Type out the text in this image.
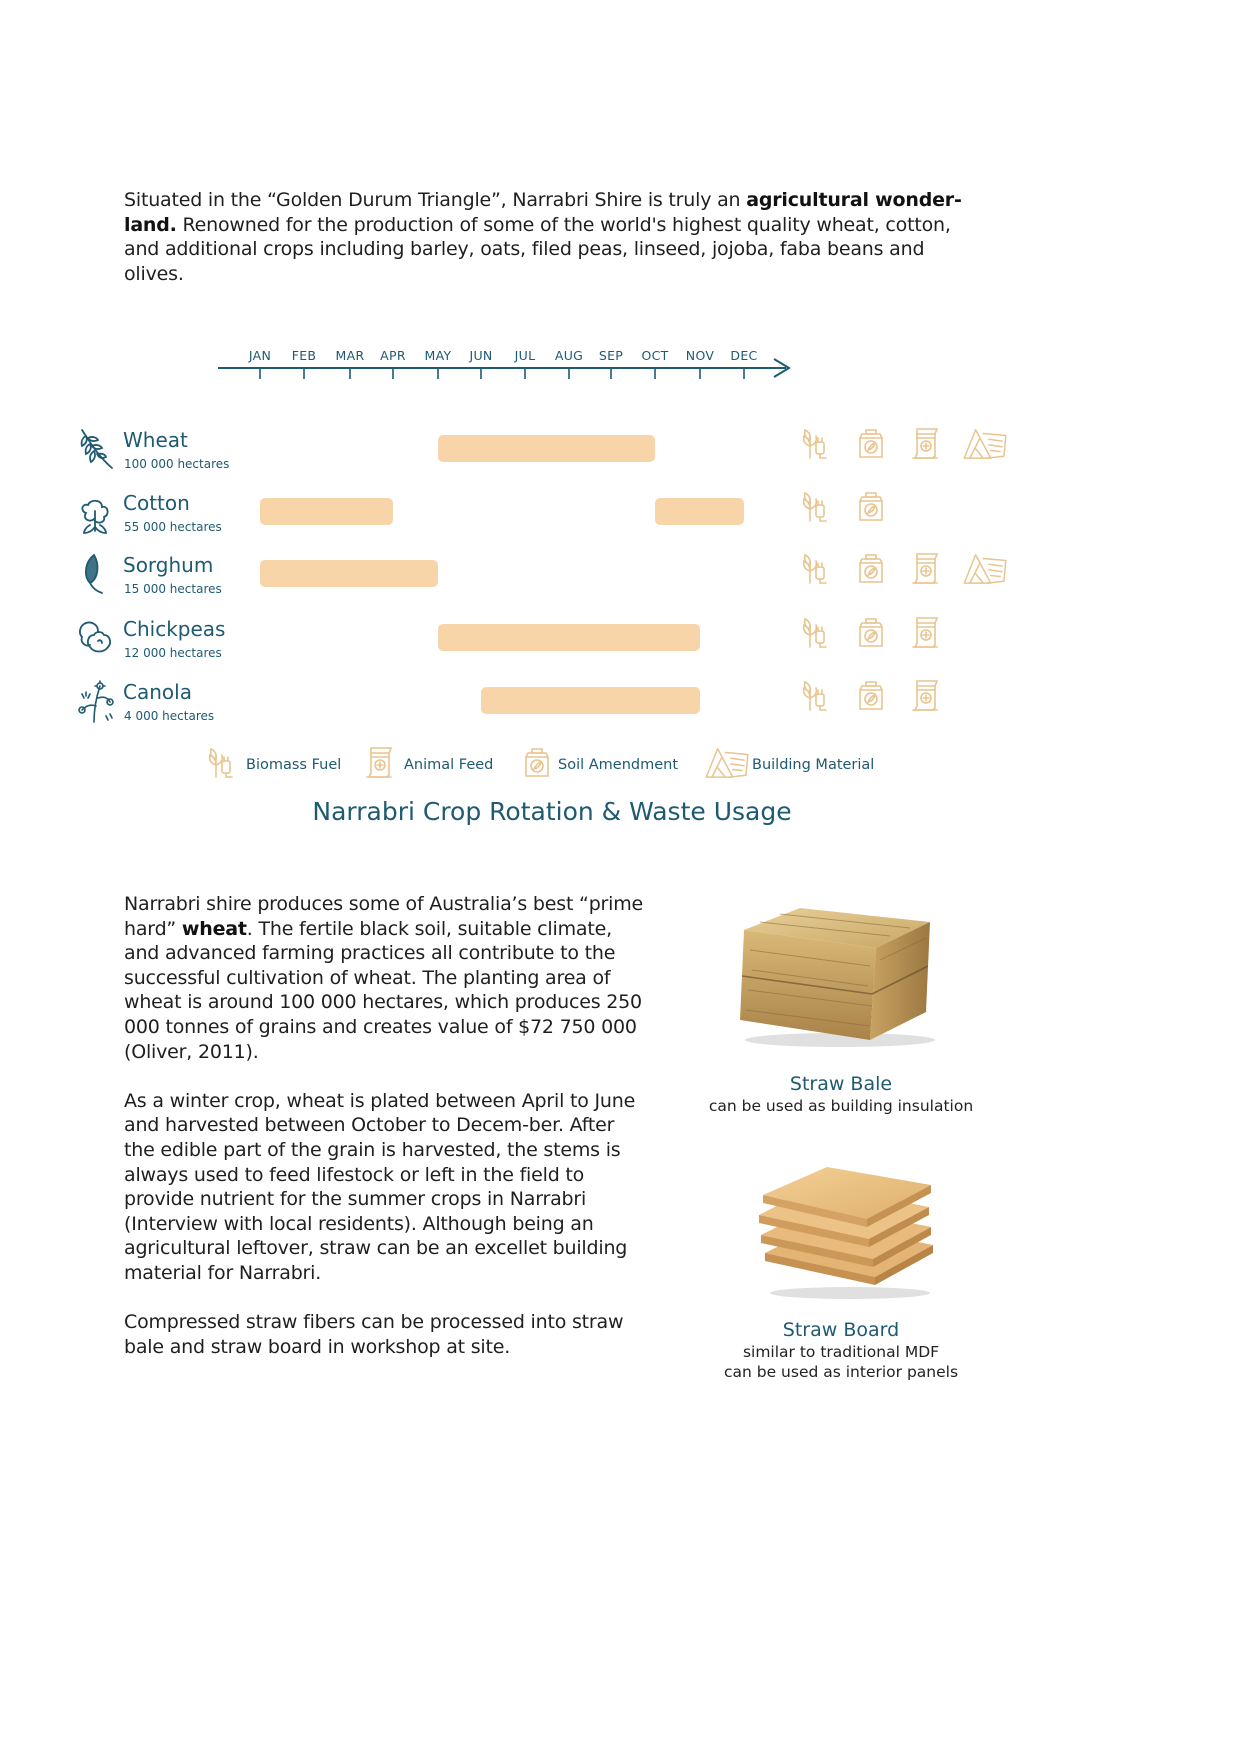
Situated in the “Golden Durum Triangle”, Narrabri Shire is truly an agricultural wonder-land. Renowned for the production of some of the world's highest quality wheat, cotton, and additional crops including barley, oats, filed peas, linseed, jojoba, faba beans and olives.
JAN FEB MAR APR MAY JUN JUL AUG SEP OCT NOV DEC
Wheat
100 000 hectares
Cotton
55 000 hectares
Sorghum
15 000 hectares
Chickpeas
12 000 hectares
Canola
4 000 hectares
Biomass Fuel	Animal Feed	Soil Amendment	Building Material
Narrabri Crop Rotation & Waste Usage

Narrabri shire produces some of Australia’s best “prime hard” wheat. The fertile black soil, suitable climate, and advanced farming practices all contribute to the successful cultivation of wheat. The planting area of wheat is around 100 000 hectares, which produces 250 000 tonnes of grains and creates value of $72 750 000 (Oliver, 2011).

As a winter crop, wheat is plated between April to June and harvested between October to Decem-ber. After the edible part of the grain is harvested, the stems is always used to feed lifestock or left in the field to provide nutrient for the summer crops in Narrabri (Interview with local residents). Although being an agricultural leftover, straw can be an excellet building material for Narrabri.

Compressed straw fibers can be processed into straw bale and straw board in workshop at site.

Straw Bale
can be used as building insulation
Straw Board
similar to traditional MDF
can be used as interior panels
